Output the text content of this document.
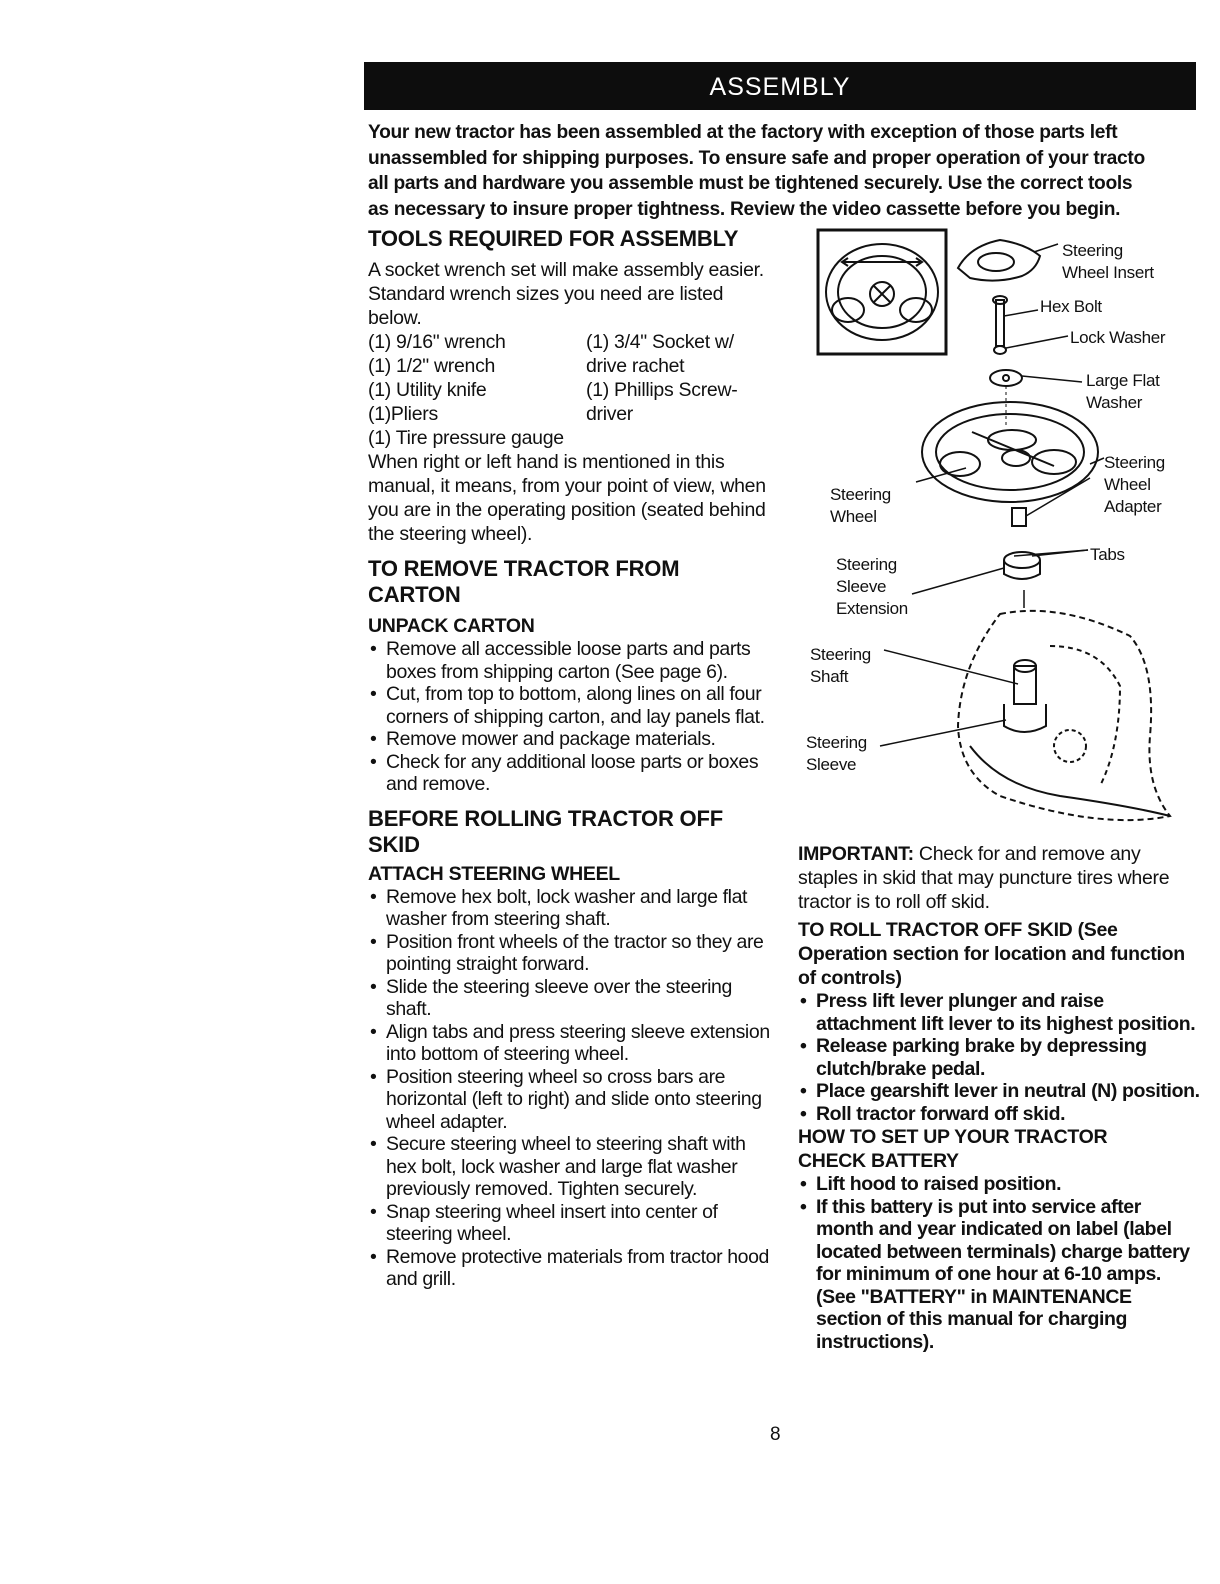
ASSEMBLY
Your new tractor has been assembled at the factory with exception of those parts left
unassembled for shipping purposes. To ensure safe and proper operation of your tracto
all parts and hardware you assemble must be tightened securely. Use the correct tools
as necessary to insure proper tightness. Review the video cassette before you begin.
TOOLS REQUIRED FOR ASSEMBLY

A socket wrench set will make assembly easier. Standard wrench sizes you need are listed below.

(1) 9/16" wrench	(1) 3/4" Socket w/
(1) 1/2" wrench	drive rachet
(1) Utility knife	(1) Phillips Screw-
(1)Pliers	driver

(1) Tire pressure gauge

When right or left hand is mentioned in this manual, it means, from your point of view, when you are in the operating position (seated behind the steering wheel).

TO REMOVE TRACTOR FROM CARTON
UNPACK CARTON
• Remove all accessible loose parts and parts boxes from shipping carton (See page 6).
• Cut, from top to bottom, along lines on all four corners of shipping carton, and lay panels flat.
• Remove mower and package materials.
• Check for any additional loose parts or boxes and remove.
BEFORE ROLLING TRACTOR OFF SKID
ATTACH STEERING WHEEL
• Remove hex bolt, lock washer and large flat washer from steering shaft.
• Position front wheels of the tractor so they are pointing straight forward.
• Slide the steering sleeve over the steering shaft.
• Align tabs and press steering sleeve extension into bottom of steering wheel.
• Position steering wheel so cross bars are horizontal (left to right) and slide onto steering wheel adapter.
• Secure steering wheel to steering shaft with hex bolt, lock washer and large flat washer previously removed. Tighten securely.
• Snap steering wheel insert into center of steering wheel.
• Remove protective materials from tractor hood and grill.
Steering
Wheel Insert
Hex Bolt
Lock Washer
Large Flat
Washer
Steering
Wheel
Adapter
Steering
Wheel
Tabs
Steering
Sleeve
Extension
Steering
Shaft
Steering
Sleeve

IMPORTANT: Check for and remove any staples in skid that may puncture tires where tractor is to roll off skid.

TO ROLL TRACTOR OFF SKID (See Operation section for location and function of controls)
• Press lift lever plunger and raise attachment lift lever to its highest position.
• Release parking brake by depressing clutch/brake pedal.
• Place gearshift lever in neutral (N) position.
• Roll tractor forward off skid.
HOW TO SET UP YOUR TRACTOR
CHECK BATTERY
• Lift hood to raised position.
• If this battery is put into service after month and year indicated on label (label located between terminals) charge battery for minimum of one hour at 6-10 amps. (See "BATTERY" in MAINTENANCE section of this manual for charging instructions).
8
